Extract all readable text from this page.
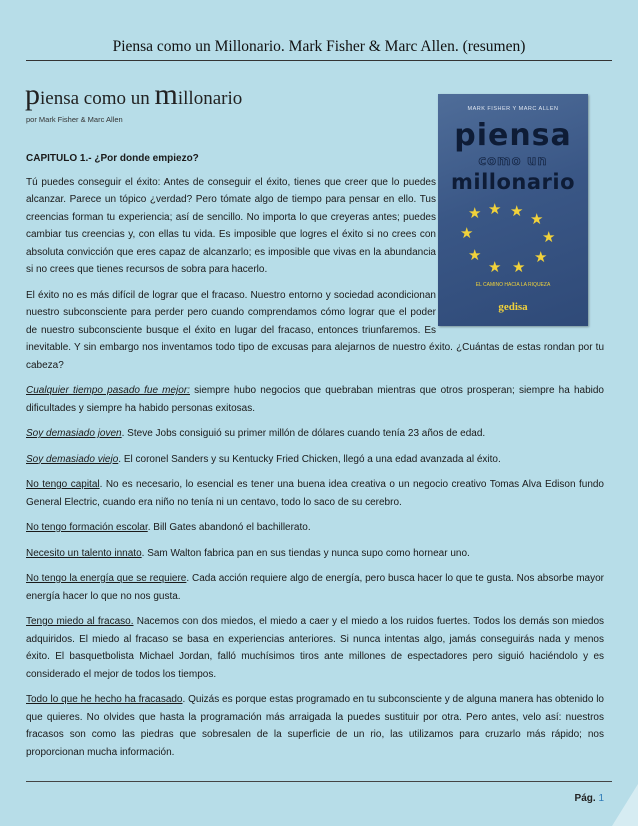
Piensa como un Millonario. Mark Fisher & Marc Allen. (resumen)
piensa como un millonario
por Mark Fisher & Marc Allen
MARK FISHER Y MARC ALLEN
piensa
como un
millonario
★ ★ ★ ★
★	★
★	★
★ ★
EL CAMINO HACIA LA RIQUEZA
gedisa

CAPITULO 1.- ¿Por donde empiezo?

Tú puedes conseguir el éxito: Antes de conseguir el éxito, tienes que creer que lo puedes alcanzar. Parece un tópico ¿verdad? Pero tómate algo de tiempo para pensar en ello. Tus creencias forman tu experiencia; así de sencillo. No importa lo que creyeras antes; puedes cambiar tus creencias y, con ellas tu vida. Es imposible que logres el éxito si no crees con absoluta convicción que eres capaz de alcanzarlo; es imposible que vivas en la abundancia si no crees que tienes recursos de sobra para hacerlo.

El éxito no es más difícil de lograr que el fracaso. Nuestro entorno y sociedad acondicionan nuestro subconsciente para perder pero cuando comprendamos cómo lograr que el poder de nuestro subconsciente busque el éxito en lugar del fracaso, entonces triunfaremos. Es inevitable. Y sin embargo nos inventamos todo tipo de excusas para alejarnos de nuestro éxito. ¿Cuántas de estas rondan por tu cabeza?

Cualquier tiempo pasado fue mejor: siempre hubo negocios que quebraban mientras que otros prosperan; siempre ha habido dificultades y siempre ha habido personas exitosas.

Soy demasiado joven. Steve Jobs consiguió su primer millón de dólares cuando tenía 23 años de edad.

Soy demasiado viejo. El coronel Sanders y su Kentucky Fried Chicken, llegó a una edad avanzada al éxito.

No tengo capital. No es necesario, lo esencial es tener una buena idea creativa o un negocio creativo Tomas Alva Edison fundo General Electric, cuando era niño no tenía ni un centavo, todo lo saco de su cerebro.

No tengo formación escolar. Bill Gates abandonó el bachillerato.

Necesito un talento innato. Sam Walton fabrica pan en sus tiendas y nunca supo como hornear uno.

No tengo la energía que se requiere. Cada acción requiere algo de energía, pero busca hacer lo que te gusta. Nos absorbe mayor energía hacer lo que no nos gusta.

Tengo miedo al fracaso. Nacemos con dos miedos, el miedo a caer y el miedo a los ruidos fuertes. Todos los demás son miedos adquiridos. El miedo al fracaso se basa en experiencias anteriores. Si nunca intentas algo, jamás conseguirás nada y menos éxito. El basquetbolista Michael Jordan, falló muchísimos tiros ante millones de espectadores pero siguió haciéndolo y es considerado el mejor de todos los tiempos.

Todo lo que he hecho ha fracasado. Quizás es porque estas programado en tu subconsciente y de alguna manera has obtenido lo que quieres. No olvides que hasta la programación más arraigada la puedes sustituir por otra. Pero antes, velo así: nuestros fracasos son como las piedras que sobresalen de la superficie de un rio, las utilizamos para cruzarlo más rápido; nos proporcionan mucha información.

Pág. 1
